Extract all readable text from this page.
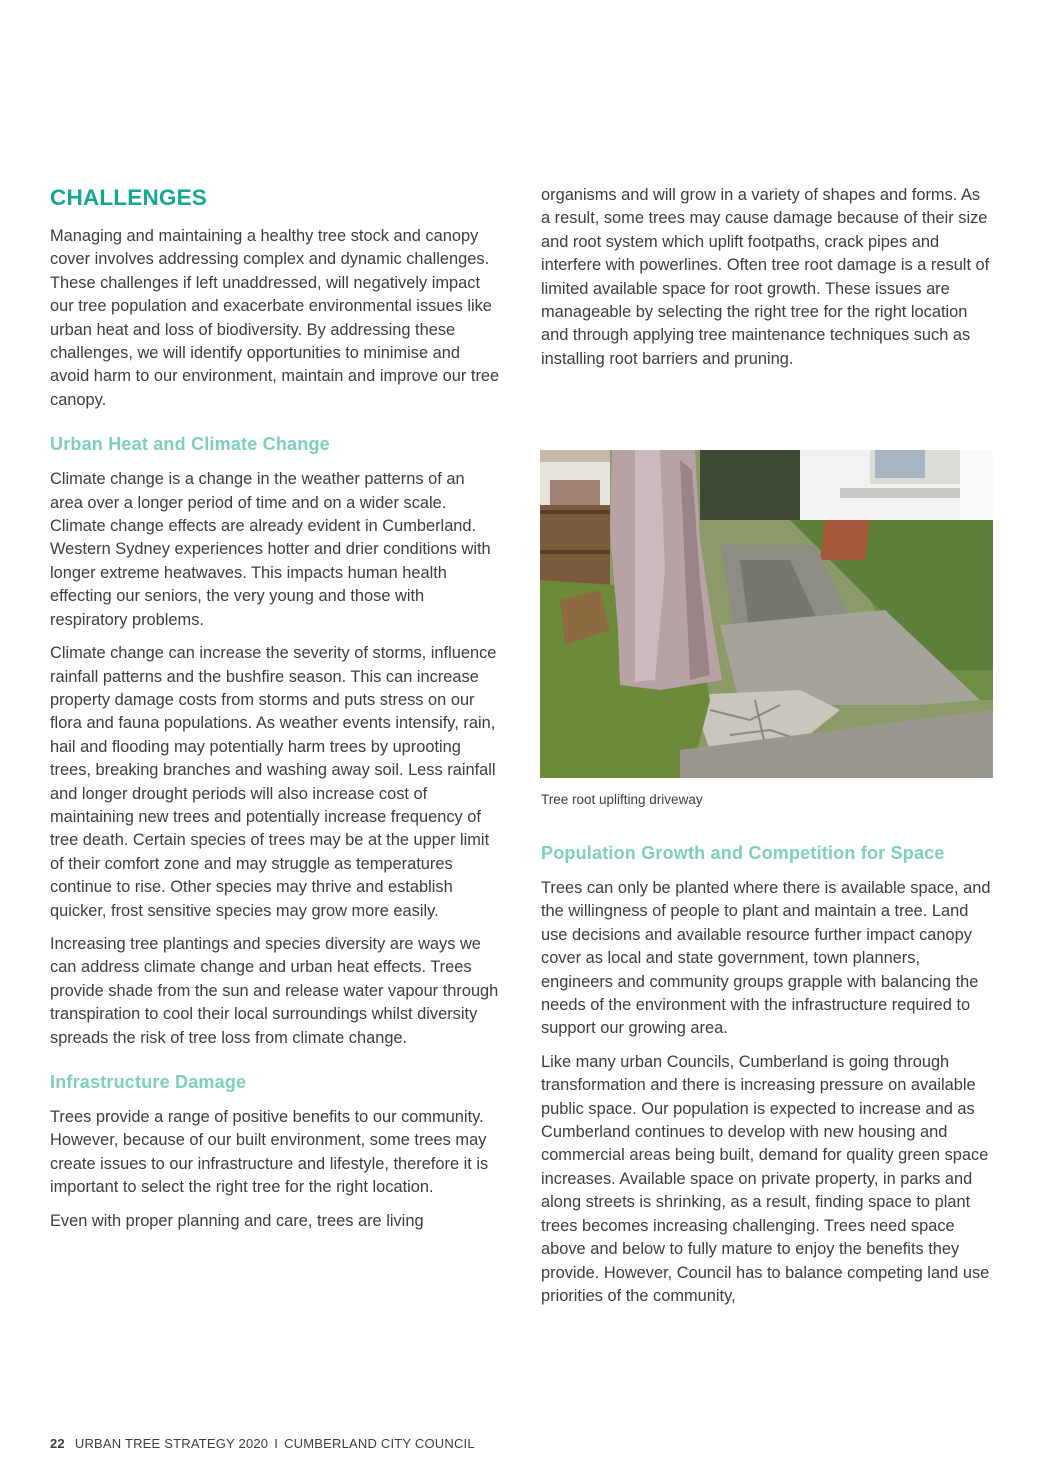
CHALLENGES

Managing and maintaining a healthy tree stock and canopy cover involves addressing complex and dynamic challenges. These challenges if left unaddressed, will negatively impact our tree population and exacerbate environmental issues like urban heat and loss of biodiversity. By addressing these challenges, we will identify opportunities to minimise and avoid harm to our environment, maintain and improve our tree canopy.

Urban Heat and Climate Change

Climate change is a change in the weather patterns of an area over a longer period of time and on a wider scale. Climate change effects are already evident in Cumberland. Western Sydney experiences hotter and drier conditions with longer extreme heatwaves. This impacts human health effecting our seniors, the very young and those with respiratory problems.

Climate change can increase the severity of storms, influence rainfall patterns and the bushfire season. This can increase property damage costs from storms and puts stress on our flora and fauna populations. As weather events intensify, rain, hail and flooding may potentially harm trees by uprooting trees, breaking branches and washing away soil. Less rainfall and longer drought periods will also increase cost of maintaining new trees and potentially increase frequency of tree death. Certain species of trees may be at the upper limit of their comfort zone and may struggle as temperatures continue to rise. Other species may thrive and establish quicker, frost sensitive species may grow more easily.

Increasing tree plantings and species diversity are ways we can address climate change and urban heat effects. Trees provide shade from the sun and release water vapour through transpiration to cool their local surroundings whilst diversity spreads the risk of tree loss from climate change.

Infrastructure Damage

Trees provide a range of positive benefits to our community. However, because of our built environment, some trees may create issues to our infrastructure and lifestyle, therefore it is important to select the right tree for the right location.

Even with proper planning and care, trees are living

organisms and will grow in a variety of shapes and forms. As a result, some trees may cause damage because of their size and root system which uplift footpaths, crack pipes and interfere with powerlines. Often tree root damage is a result of limited available space for root growth. These issues are manageable by selecting the right tree for the right location and through applying tree maintenance techniques such as installing root barriers and pruning.

Tree root uplifting driveway
Population Growth and Competition for Space

Trees can only be planted where there is available space, and the willingness of people to plant and maintain a tree. Land use decisions and available resource further impact canopy cover as local and state government, town planners, engineers and community groups grapple with balancing the needs of the environment with the infrastructure required to support our growing area.

Like many urban Councils, Cumberland is going through transformation and there is increasing pressure on available public space. Our population is expected to increase and as Cumberland continues to develop with new housing and commercial areas being built, demand for quality green space increases. Available space on private property, in parks and along streets is shrinking, as a result, finding space to plant trees becomes increasing challenging. Trees need space above and below to fully mature to enjoy the benefits they provide. However, Council has to balance competing land use priorities of the community,

22 URBAN TREE STRATEGY 2020 I CUMBERLAND CITY COUNCIL
